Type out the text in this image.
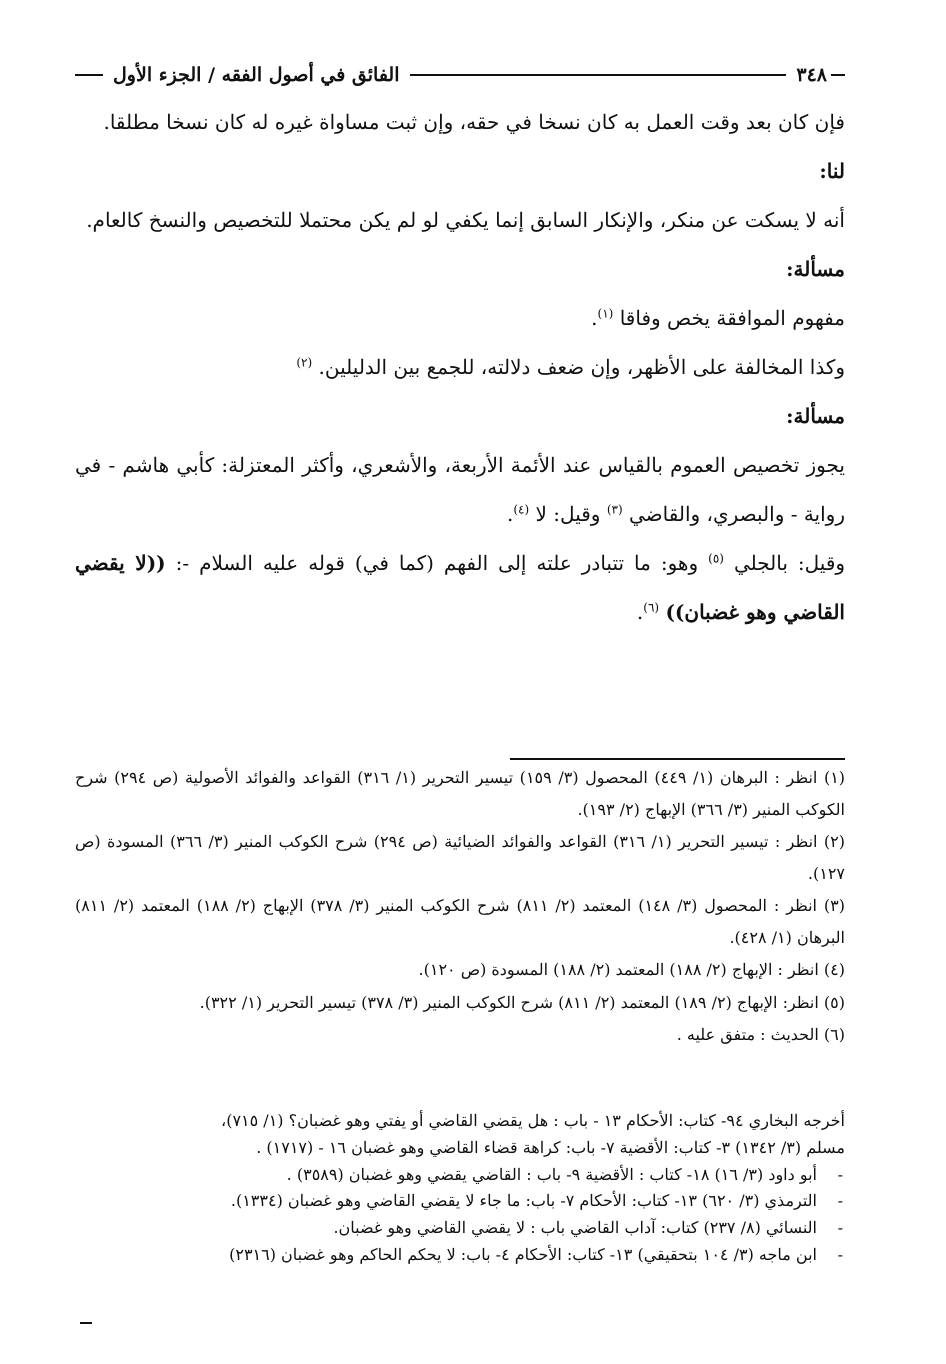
٣٤٨
الفائق في أصول الفقه / الجزء الأول

فإن كان بعد وقت العمل به كان نسخا في حقه، وإن ثبت مساواة غيره له كان نسخا مطلقا.

لنا:

أنه لا يسكت عن منكر، والإنكار السابق إنما يكفي لو لم يكن محتملا للتخصيص والنسخ كالعام.

مسألة:

مفهوم الموافقة يخص وفاقا $^{(١)}$.

وكذا المخالفة على الأظهر، وإن ضعف دلالته، للجمع بين الدليلين. $^{(٢)}$

مسألة:

يجوز تخصيص العموم بالقياس عند الأئمة الأربعة، والأشعري، وأكثر المعتزلة: كأبي هاشم - في رواية - والبصري، والقاضي $^{(٣)}$ وقيل: لا $^{(٤)}$.

وقيل: بالجلي $^{(٥)}$ وهو: ما تتبادر علته إلى الفهم (كما في) قوله عليه السلام -: ((لا يقضي القاضي وهو غضبان)) $^{(٦)}$.

(١) انظر : البرهان (١/ ٤٤٩) المحصول (٣/ ١٥٩) تيسير التحرير (١/ ٣١٦) القواعد والفوائد الأصولية (ص ٢٩٤) شرح الكوكب المنير (٣/ ٣٦٦) الإبهاج (٢/ ١٩٣).

(٢) انظر : تيسير التحرير (١/ ٣١٦) القواعد والفوائد الضيائية (ص ٢٩٤) شرح الكوكب المنير (٣/ ٣٦٦) المسودة (ص ١٢٧).

(٣) انظر : المحصول (٣/ ١٤٨) المعتمد (٢/ ٨١١) شرح الكوكب المنير (٣/ ٣٧٨) الإبهاج (٢/ ١٨٨) المعتمد (٢/ ٨١١) البرهان (١/ ٤٢٨).

(٤) انظر : الإبهاج (٢/ ١٨٨) المعتمد (٢/ ١٨٨) المسودة (ص ١٢٠).

(٥) انظر: الإبهاج (٢/ ١٨٩) المعتمد (٢/ ٨١١) شرح الكوكب المنير (٣/ ٣٧٨) تيسير التحرير (١/ ٣٢٢).

(٦) الحديث : متفق عليه .

أخرجه البخاري ٩٤- كتاب: الأحكام ١٣ - باب : هل يقضي القاضي أو يفتي وهو غضبان؟ (١/ ٧١٥)،

مسلم (٣/ ١٣٤٢) ٣- كتاب: الأقضية ٧- باب: كراهة قضاء القاضي وهو غضبان ١٦ - (١٧١٧) .

-
أبو داود (٣/ ١٦) ١٨- كتاب : الأقضية ٩- باب : القاضي يقضي وهو غضبان (٣٥٨٩) .
-
الترمذي (٣/ ٦٢٠) ١٣- كتاب: الأحكام ٧- باب: ما جاء لا يقضي القاضي وهو غضبان (١٣٣٤).
-
النسائي (٨/ ٢٣٧) كتاب: آداب القاضي باب : لا يقضي القاضي وهو غضبان.
-
ابن ماجه (٣/ ١٠٤ بتحقيقي) ١٣- كتاب: الأحكام ٤- باب: لا يحكم الحاكم وهو غضبان (٢٣١٦)
